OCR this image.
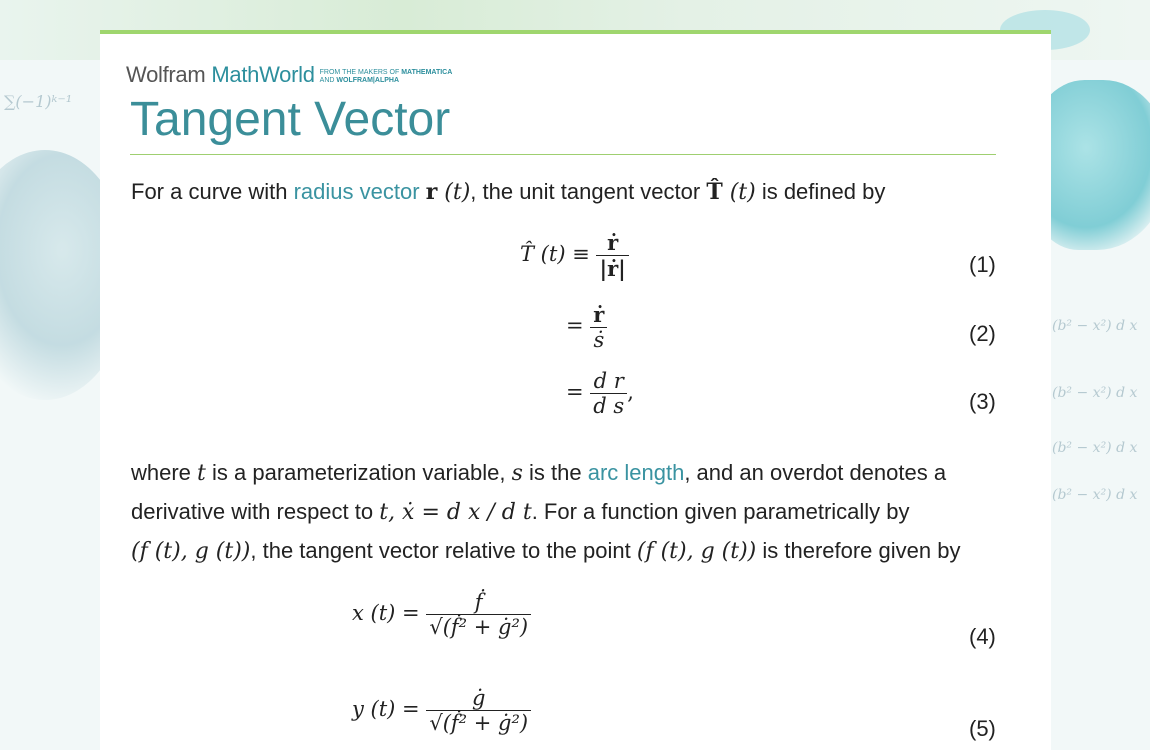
∑(−1)ᵏ⁻¹
(b² − x²) d x
(b² − x²) d x
(b² − x²) d x
(b² − x²) d x
Wolfram MathWorld FROM THE MAKERS OF MATHEMATICA
AND WOLFRAM|ALPHA
Tangent Vector
For a curve with radius vector r (t), the unit tangent vector T̂ (t) is defined by
T̂ $(t) \equiv \frac{\text{ṙ}}{\text{|ṙ|}}$	(1)
= $\frac{\text{ṙ}}{\text{ṡ}}$	(2)
= $\frac{\text{d r}}{\text{d s}}$ ,	(3)
where t is a parameterization variable, s is the arc length, and an overdot denotes a
derivative with respect to t, ẋ = d x / d t. For a function given parametrically by
(f (t), g (t)), the tangent vector relative to the point (f (t), g (t)) is therefore given by
x $(t) = \frac{\text{ḟ}}{\text{√(ḟ² + ġ²)}}$	(4)
y $(t) = \frac{ġ}{\text{√(ḟ² + ġ²)}}$	(5)
